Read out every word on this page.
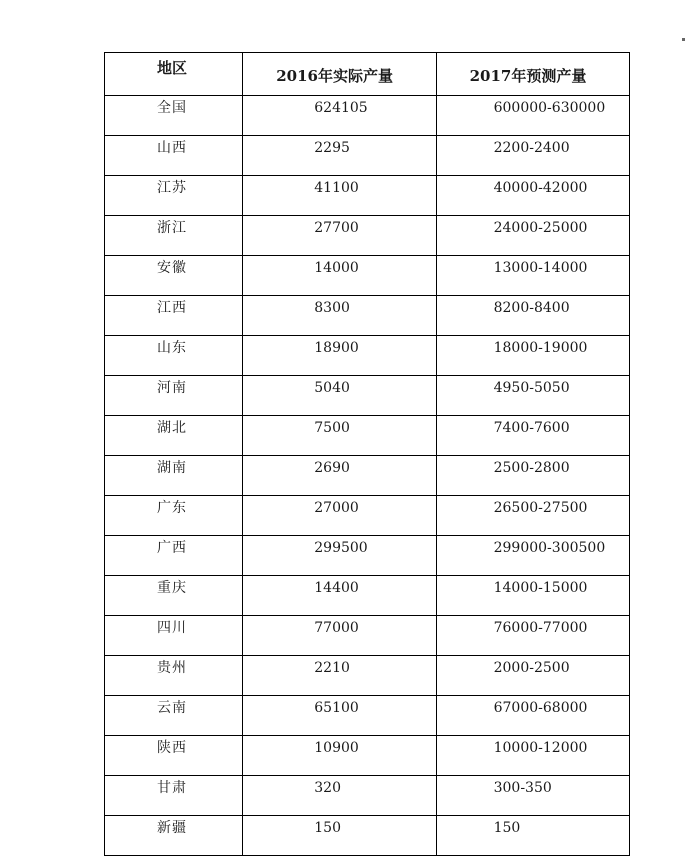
地区	2016年实际产量	2017年预测产量

全国	624105	600000-630000

山西	2295	2200-2400

江苏	41100	40000-42000

浙江	27700	24000-25000

安徽	14000	13000-14000

江西	8300	8200-8400

山东	18900	18000-19000

河南	5040	4950-5050

湖北	7500	7400-7600

湖南	2690	2500-2800

广东	27000	26500-27500

广西	299500	299000-300500

重庆	14400	14000-15000

四川	77000	76000-77000

贵州	2210	2000-2500

云南	65100	67000-68000

陕西	10900	10000-12000

甘肃	320	300-350

新疆	150	150
